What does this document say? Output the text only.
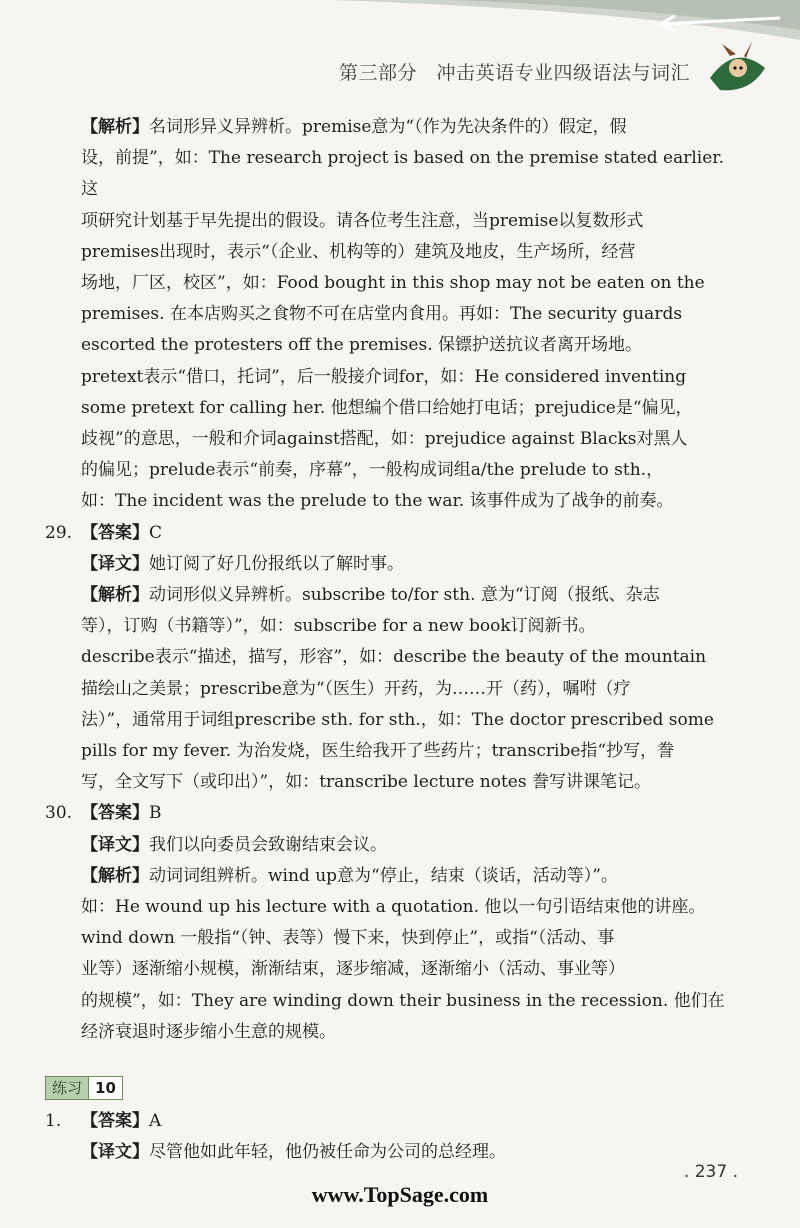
第三部分　冲击英语专业四级语法与词汇
【解析】名词形异义异辨析。premise意为“（作为先决条件的）假定，假
设，前提”，如：The research project is based on the premise stated earlier. 这
项研究计划基于早先提出的假设。请各位考生注意，当premise以复数形式
premises出现时，表示“（企业、机构等的）建筑及地皮，生产场所，经营
场地，厂区，校区”，如：Food bought in this shop may not be eaten on the
premises. 在本店购买之食物不可在店堂内食用。再如：The security guards
escorted the protesters off the premises. 保镖护送抗议者离开场地。
pretext表示“借口，托词”，后一般接介词for，如：He considered inventing
some pretext for calling her. 他想编个借口给她打电话；prejudice是“偏见，
歧视”的意思，一般和介词against搭配，如：prejudice against Blacks对黑人
的偏见；prelude表示“前奏，序幕”，一般构成词组a/the prelude to sth.，
如：The incident was the prelude to the war. 该事件成为了战争的前奏。
29. 【答案】C
【译文】她订阅了好几份报纸以了解时事。
【解析】动词形似义异辨析。subscribe to/for sth. 意为“订阅（报纸、杂志
等），订购（书籍等）”，如：subscribe for a new book订阅新书。
describe表示“描述，描写，形容”，如：describe the beauty of the mountain
描绘山之美景；prescribe意为“（医生）开药，为……开（药），嘱咐（疗
法）”，通常用于词组prescribe sth. for sth.，如：The doctor prescribed some
pills for my fever. 为治发烧，医生给我开了些药片；transcribe指“抄写，誊
写，全文写下（或印出）”，如：transcribe lecture notes 誊写讲课笔记。
30. 【答案】B
【译文】我们以向委员会致谢结束会议。
【解析】动词词组辨析。wind up意为“停止，结束（谈话，活动等）”。
如：He wound up his lecture with a quotation. 他以一句引语结束他的讲座。
wind down 一般指“（钟、表等）慢下来，快到停止”，或指“（活动、事
业等）逐渐缩小规模，渐渐结束，逐步缩减，逐渐缩小（活动、事业等）
的规模”，如：They are winding down their business in the recession. 他们在
经济衰退时逐步缩小生意的规模。
练习 10
1. 【答案】A
【译文】尽管他如此年轻，他仍被任命为公司的总经理。
. 237 .
www.TopSage.com
